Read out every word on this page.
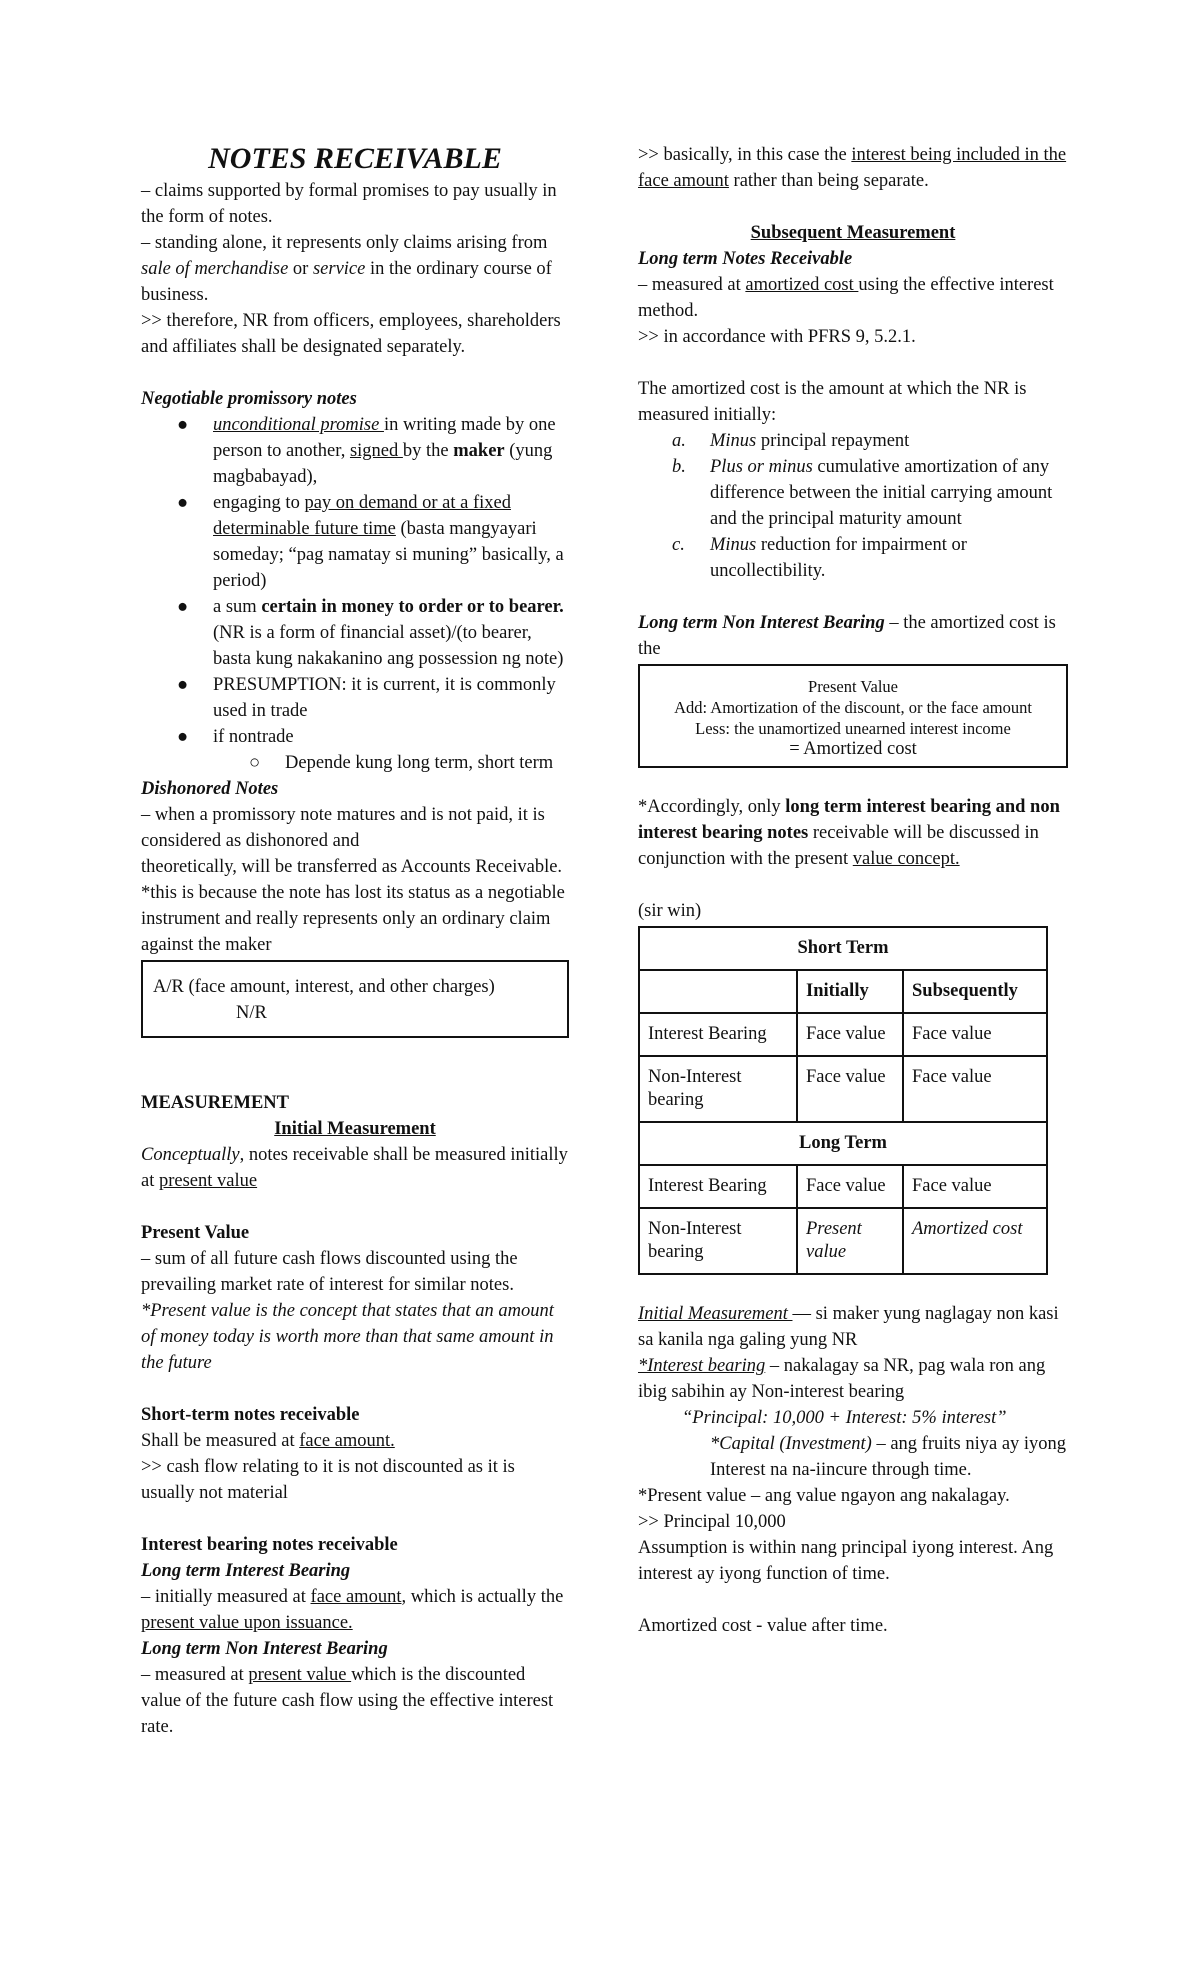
NOTES RECEIVABLE

– claims supported by formal promises to pay usually in the form of notes.

– standing alone, it represents only claims arising from sale of merchandise or service in the ordinary course of business.

>> therefore, NR from officers, employees, shareholders and affiliates shall be designated separately.

Negotiable promissory notes

● unconditional promise in writing made by one person to another, signed by the maker (yung magbabayad),
● engaging to pay on demand or at a fixed determinable future time (basta mangyayari someday; “pag namatay si muning” basically, a period)
● a sum certain in money to order or to bearer. (NR is a form of financial asset)/(to bearer, basta kung nakakanino ang possession ng note)
● PRESUMPTION: it is current, it is commonly used in trade
● if nontrade
○ Depende kung long term, short term

Dishonored Notes

– when a promissory note matures and is not paid, it is considered as dishonored and

theoretically, will be transferred as Accounts Receivable.

*this is because the note has lost its status as a negotiable instrument and really represents only an ordinary claim against the maker

A/R (face amount, interest, and other charges)
N/R

MEASUREMENT

Initial Measurement

Conceptually, notes receivable shall be measured initially at present value

Present Value

– sum of all future cash flows discounted using the prevailing market rate of interest for similar notes.

*Present value is the concept that states that an amount of money today is worth more than that same amount in the future

Short-term notes receivable

Shall be measured at face amount.

>> cash flow relating to it is not discounted as it is usually not material

Interest bearing notes receivable

Long term Interest Bearing

– initially measured at face amount, which is actually the present value upon issuance.

Long term Non Interest Bearing

– measured at present value which is the discounted value of the future cash flow using the effective interest rate.

>> basically, in this case the interest being included in the face amount rather than being separate.

Subsequent Measurement

Long term Notes Receivable

– measured at amortized cost using the effective interest method.

>> in accordance with PFRS 9, 5.2.1.

The amortized cost is the amount at which the NR is measured initially:

a. Minus principal repayment
b. Plus or minus cumulative amortization of any difference between the initial carrying amount and the principal maturity amount
c. Minus reduction for impairment or uncollectibility.

Long term Non Interest Bearing – the amortized cost is the

Present Value
Add: Amortization of the discount, or the face amount
Less: the unamortized unearned interest income
= Amortized cost

*Accordingly, only long term interest bearing and non interest bearing notes receivable will be discussed in conjunction with the present value concept.

(sir win)

Short Term		
	Initially	Subsequently
Interest Bearing	Face value	Face value
Non-Interest bearing	Face value	Face value
Long Term		
Interest Bearing	Face value	Face value
Non-Interest bearing	Present value	Amortized cost

Initial Measurement — si maker yung naglagay non kasi sa kanila nga galing yung NR

*Interest bearing – nakalagay sa NR, pag wala ron ang ibig sabihin ay Non-interest bearing

“Principal: 10,000 + Interest: 5% interest”

*Capital (Investment) – ang fruits niya ay iyong Interest na na-iincure through time.

*Present value – ang value ngayon ang nakalagay.

>> Principal 10,000

Assumption is within nang principal iyong interest. Ang interest ay iyong function of time.

Amortized cost - value after time.
